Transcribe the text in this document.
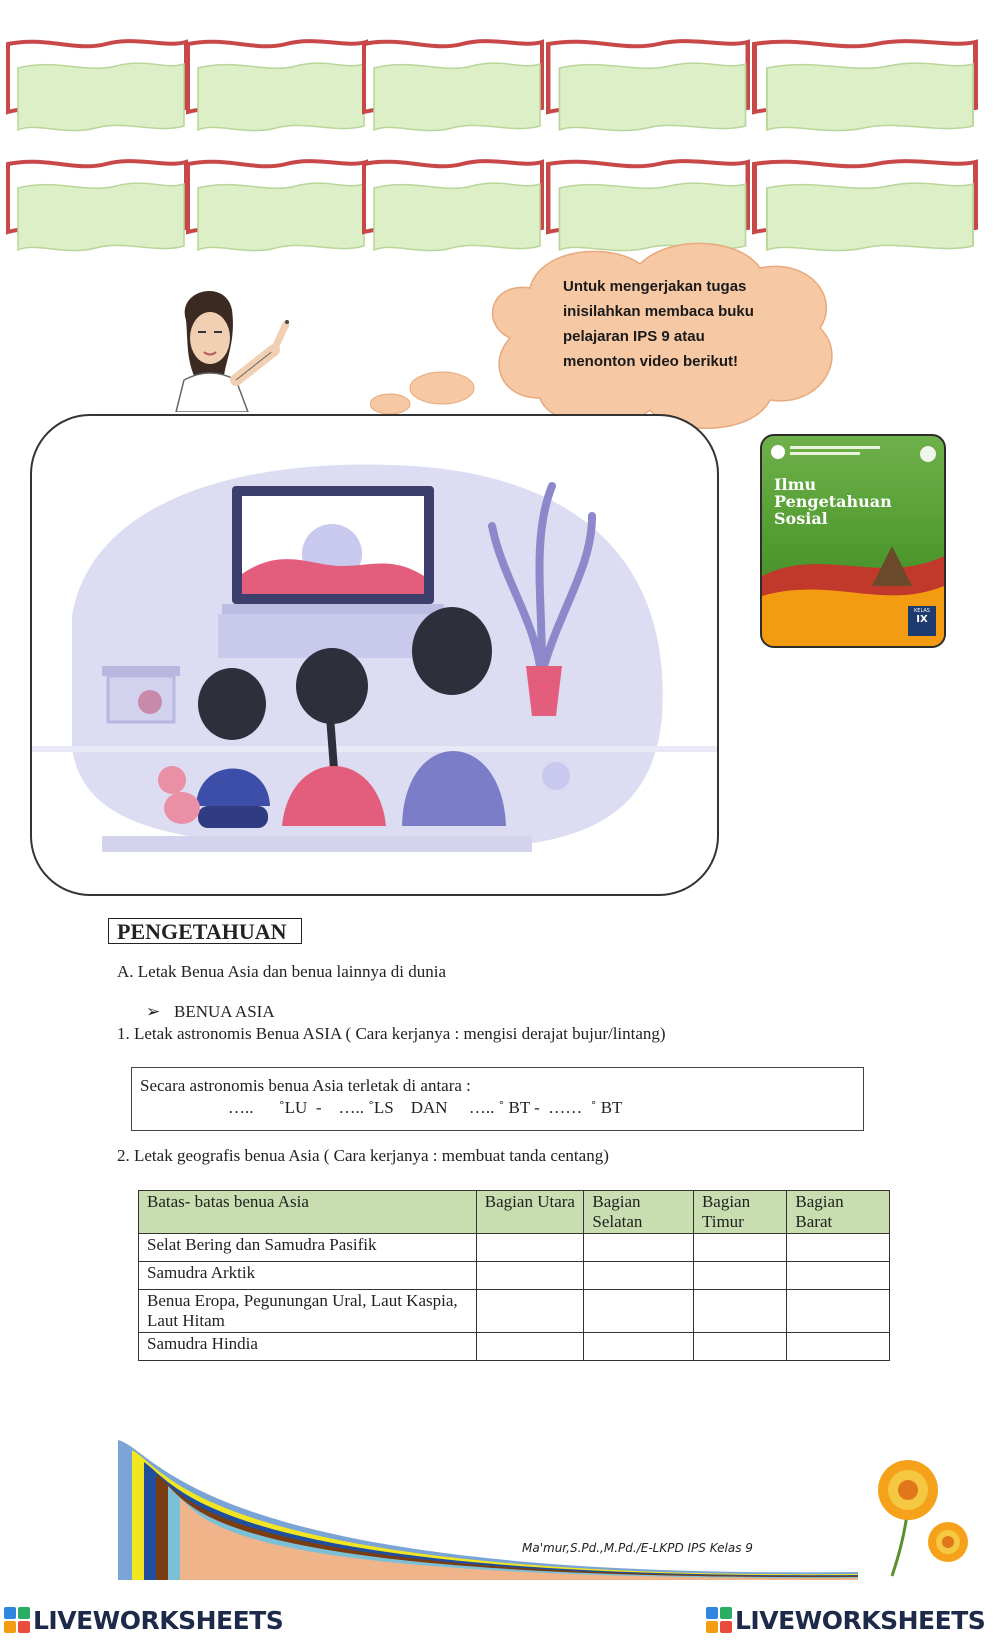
Untuk mengerjakan tugas
inisilahkan membaca buku
pelajaran IPS 9 atau
menonton video berikut!
Ilmu
Pengetahuan
Sosial
KELAS
IX
PENGETAHUAN
A. Letak Benua Asia dan benua lainnya di dunia
➢ BENUA ASIA
1. Letak astronomis Benua ASIA ( Cara kerjanya : mengisi derajat bujur/lintang)
Secara astronomis benua Asia terletak di antara :
…..      ˚LU  -    ….. ˚LS    DAN     ….. ˚ BT -  ……  ˚ BT
2. Letak geografis benua Asia ( Cara kerjanya : membuat tanda centang)
Batas- batas benua Asia	Bagian Utara	Bagian Selatan	Bagian Timur	Bagian Barat
Selat Bering dan Samudra Pasifik				
Samudra Arktik				
Benua Eropa, Pegunungan Ural, Laut Kaspia, Laut Hitam				
Samudra Hindia				
Ma'mur,S.Pd.,M.Pd./E-LKPD IPS Kelas 9
LIVEWORKSHEETS	LIVEWORKSHEETS
